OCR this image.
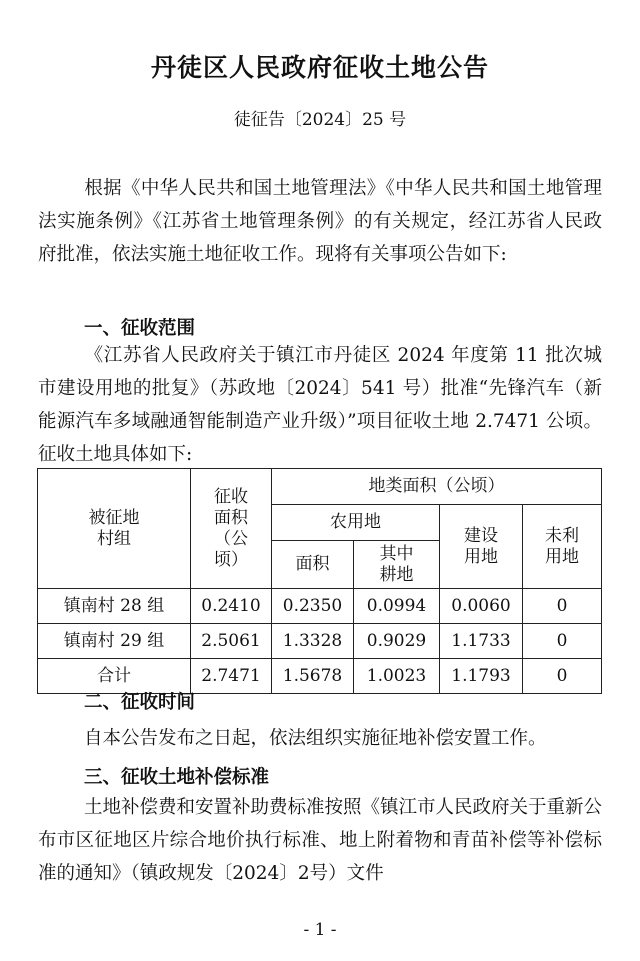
丹徒区人民政府征收土地公告
徒征告〔2024〕25 号
根据《中华人民共和国土地管理法》《中华人民共和国土地管理法实施条例》《江苏省土地管理条例》的有关规定，经江苏省人民政府批准，依法实施土地征收工作。现将有关事项公告如下:
一、征收范围
《江苏省人民政府关于镇江市丹徒区 2024 年度第 11 批次城市建设用地的批复》（苏政地〔2024〕541 号）批准“先锋汽车（新能源汽车多域融通智能制造产业升级）”项目征收土地 2.7471 公顷。征收土地具体如下:
被征地村组	征收面积（公顷）	地类面积（公顷）			
		农用地		建设用地	未利用地

		面积	其中耕地		

镇南村 28 组	0.2410	0.2350	0.0994	0.0060	0
镇南村 29 组	2.5061	1.3328	0.9029	1.1733	0
合计	2.7471	1.5678	1.0023	1.1793	0
二、征收时间
自本公告发布之日起，依法组织实施征地补偿安置工作。
三、征收土地补偿标准
土地补偿费和安置补助费标准按照《镇江市人民政府关于重新公布市区征地区片综合地价执行标准、地上附着物和青苗补偿等补偿标准的通知》（镇政规发〔2024〕2号）文件
- 1 -
